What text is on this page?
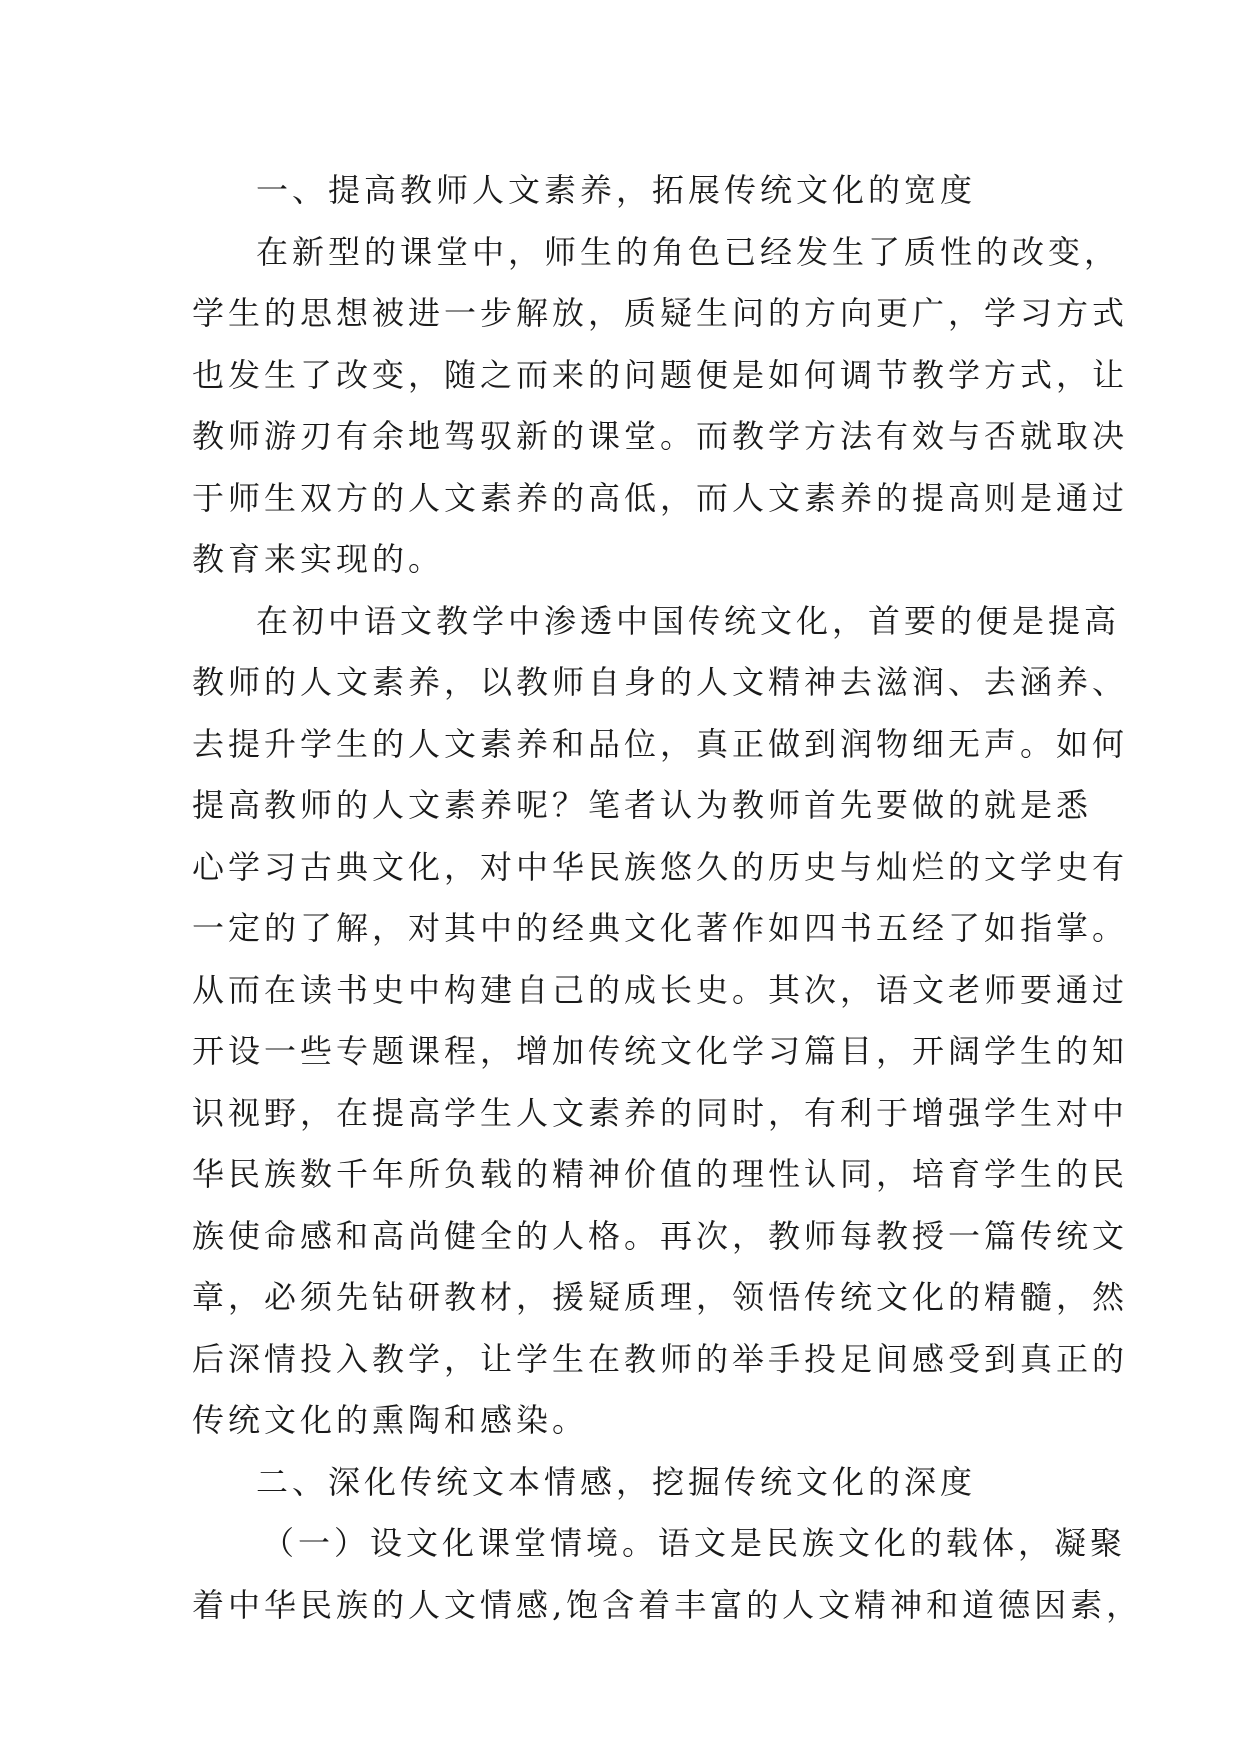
一、提高教师人文素养，拓展传统文化的宽度
在新型的课堂中，师生的角色已经发生了质性的改变，
学生的思想被进一步解放，质疑生问的方向更广，学习方式
也发生了改变，随之而来的问题便是如何调节教学方式，让
教师游刃有余地驾驭新的课堂。而教学方法有效与否就取决
于师生双方的人文素养的高低，而人文素养的提高则是通过
教育来实现的。
在初中语文教学中渗透中国传统文化，首要的便是提高
教师的人文素养，以教师自身的人文精神去滋润、去涵养、
去提升学生的人文素养和品位，真正做到润物细无声。如何
提高教师的人文素养呢？笔者认为教师首先要做的就是悉
心学习古典文化，对中华民族悠久的历史与灿烂的文学史有
一定的了解，对其中的经典文化著作如四书五经了如指掌。
从而在读书史中构建自己的成长史。其次，语文老师要通过
开设一些专题课程，增加传统文化学习篇目，开阔学生的知
识视野，在提高学生人文素养的同时，有利于增强学生对中
华民族数千年所负载的精神价值的理性认同，培育学生的民
族使命感和高尚健全的人格。再次，教师每教授一篇传统文
章，必须先钻研教材，援疑质理，领悟传统文化的精髓，然
后深情投入教学，让学生在教师的举手投足间感受到真正的
传统文化的熏陶和感染。
二、深化传统文本情感，挖掘传统文化的深度
（一）设文化课堂情境。语文是民族文化的载体，凝聚
着中华民族的人文情感,饱含着丰富的人文精神和道德因素，
